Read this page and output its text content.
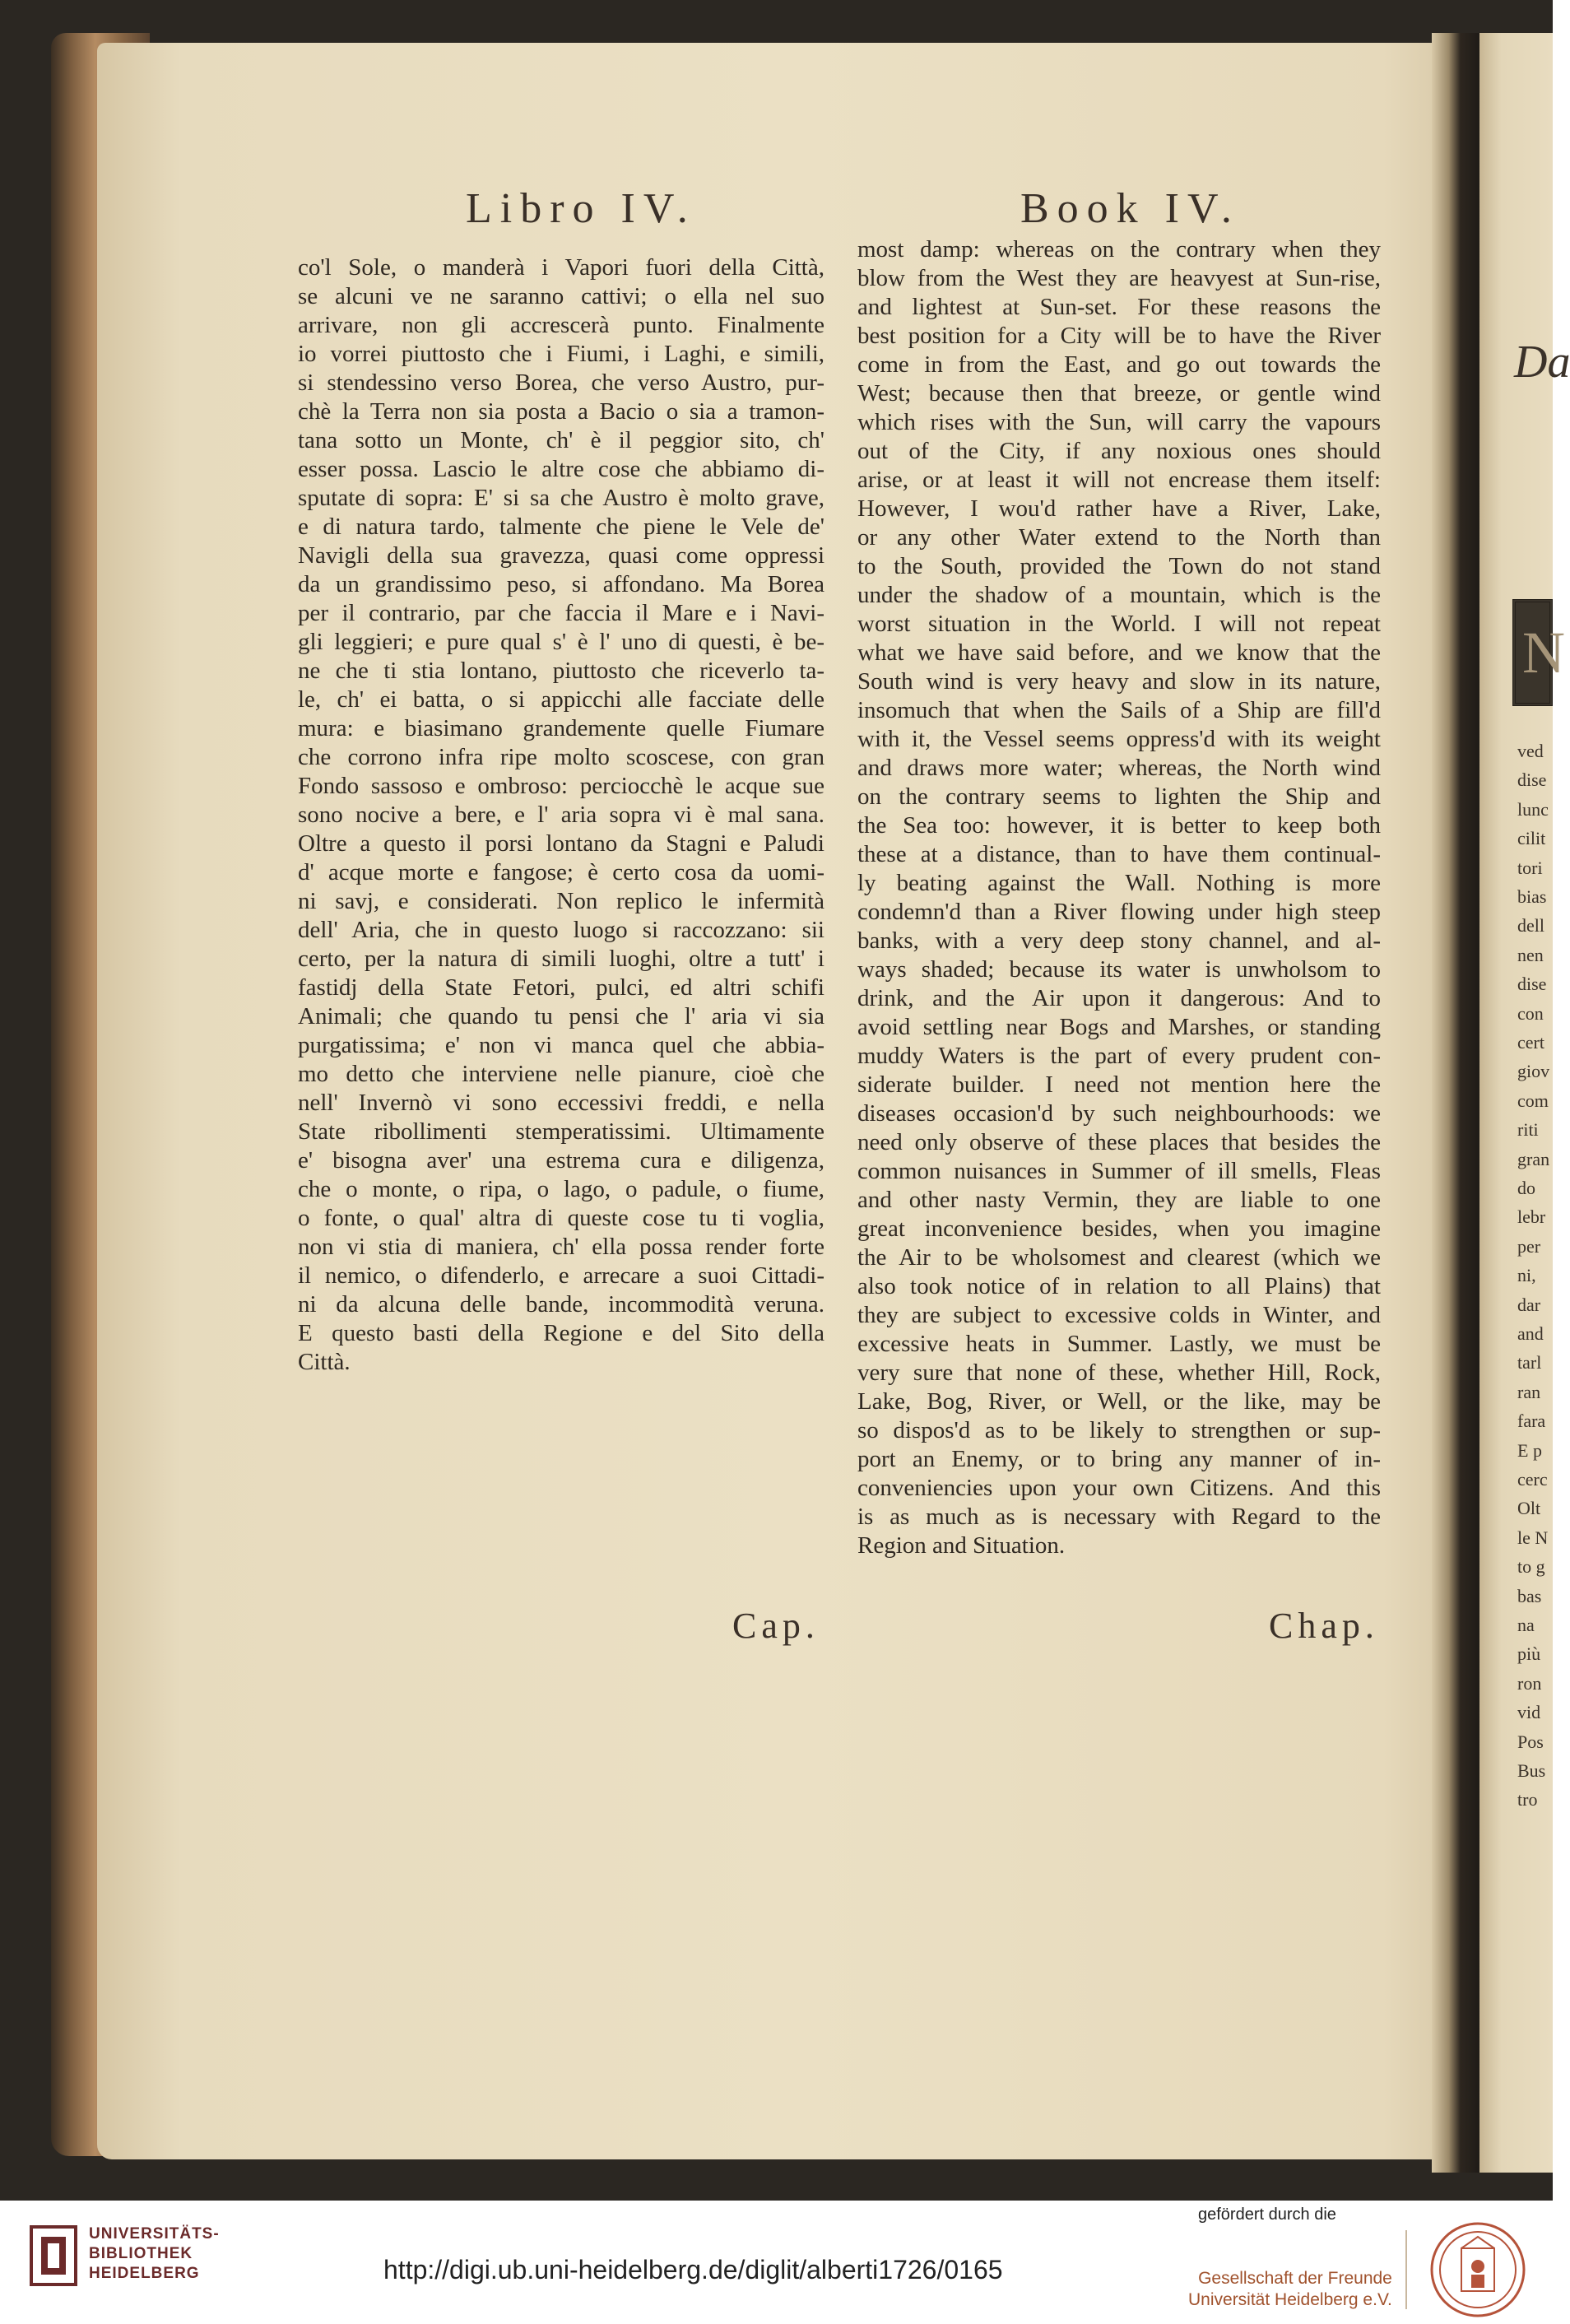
Da
N
ved
dise
lunc
cilit
tori
bias
dell
nen
dise
con
cert
giov
com
riti
gran
do
lebr
per
ni,
dar
and
tarl
ran
fara
E p
cerc
Olt
le N
to g
bas
na
più
ron
vid
Pos
Bus
tro
Libro IV.	Book IV.

co'l Sole, o manderà i Vapori fuori della Città,

se alcuni ve ne saranno cattivi; o ella nel suo

arrivare, non gli accrescerà punto. Finalmente

io vorrei piuttosto che i Fiumi, i Laghi, e simili,

si stendessino verso Borea, che verso Austro, pur-

chè la Terra non sia posta a Bacio o sia a tramon-

tana sotto un Monte, ch' è il peggior sito, ch'

esser possa. Lascio le altre cose che abbiamo di-

sputate di sopra: E' si sa che Austro è molto grave,

e di natura tardo, talmente che piene le Vele de'

Navigli della sua gravezza, quasi come oppressi

da un grandissimo peso, si affondano. Ma Borea

per il contrario, par che faccia il Mare e i Navi-

gli leggieri; e pure qual s' è l' uno di questi, è be-

ne che ti stia lontano, piuttosto che riceverlo ta-

le, ch' ei batta, o si appicchi alle facciate delle

mura: e biasimano grandemente quelle Fiumare

che corrono infra ripe molto scoscese, con gran

Fondo sassoso e ombroso: perciocchè le acque sue

sono nocive a bere, e l' aria sopra vi è mal sana.

Oltre a questo il porsi lontano da Stagni e Paludi

d' acque morte e fangose; è certo cosa da uomi-

ni savj, e considerati. Non replico le infermità

dell' Aria, che in questo luogo si raccozzano: sii

certo, per la natura di simili luoghi, oltre a tutt' i

fastidj della State Fetori, pulci, ed altri schifi

Animali; che quando tu pensi che l' aria vi sia

purgatissima; e' non vi manca quel che abbia-

mo detto che interviene nelle pianure, cioè che

nell' Invernò vi sono eccessivi freddi, e nella

State ribollimenti stemperatissimi. Ultimamente

e' bisogna aver' una estrema cura e diligenza,

che o monte, o ripa, o lago, o padule, o fiume,

o fonte, o qual' altra di queste cose tu ti voglia,

non vi stia di maniera, ch' ella possa render forte

il nemico, o difenderlo, e arrecare a suoi Cittadi-

ni da alcuna delle bande, incommodità veruna.

E questo basti della Regione e del Sito della

Città.

most damp: whereas on the contrary when they

blow from the West they are heavyest at Sun-rise,

and lightest at Sun-set. For these reasons the

best position for a City will be to have the River

come in from the East, and go out towards the

West; because then that breeze, or gentle wind

which rises with the Sun, will carry the vapours

out of the City, if any noxious ones should

arise, or at least it will not encrease them itself:

However, I wou'd rather have a River, Lake,

or any other Water extend to the North than

to the South, provided the Town do not stand

under the shadow of a mountain, which is the

worst situation in the World. I will not repeat

what we have said before, and we know that the

South wind is very heavy and slow in its nature,

insomuch that when the Sails of a Ship are fill'd

with it, the Vessel seems oppress'd with its weight

and draws more water; whereas, the North wind

on the contrary seems to lighten the Ship and

the Sea too: however, it is better to keep both

these at a distance, than to have them continual-

ly beating against the Wall. Nothing is more

condemn'd than a River flowing under high steep

banks, with a very deep stony channel, and al-

ways shaded; because its water is unwholsom to

drink, and the Air upon it dangerous: And to

avoid settling near Bogs and Marshes, or standing

muddy Waters is the part of every prudent con-

siderate builder. I need not mention here the

diseases occasion'd by such neighbourhoods: we

need only observe of these places that besides the

common nuisances in Summer of ill smells, Fleas

and other nasty Vermin, they are liable to one

great inconvenience besides, when you imagine

the Air to be wholsomest and clearest (which we

also took notice of in relation to all Plains) that

they are subject to excessive colds in Winter, and

excessive heats in Summer. Lastly, we must be

very sure that none of these, whether Hill, Rock,

Lake, Bog, River, or Well, or the like, may be

so dispos'd as to be likely to strengthen or sup-

port an Enemy, or to bring any manner of in-

conveniencies upon your own Citizens. And this

is as much as is necessary with Regard to the

Region and Situation.

Cap.	Chap.
UNIVERSITÄTS-
BIBLIOTHEK
HEIDELBERG	http://digi.ub.uni-heidelberg.de/diglit/alberti1726/0165
gefördert durch die
Gesellschaft der Freunde
Universität Heidelberg e.V.
